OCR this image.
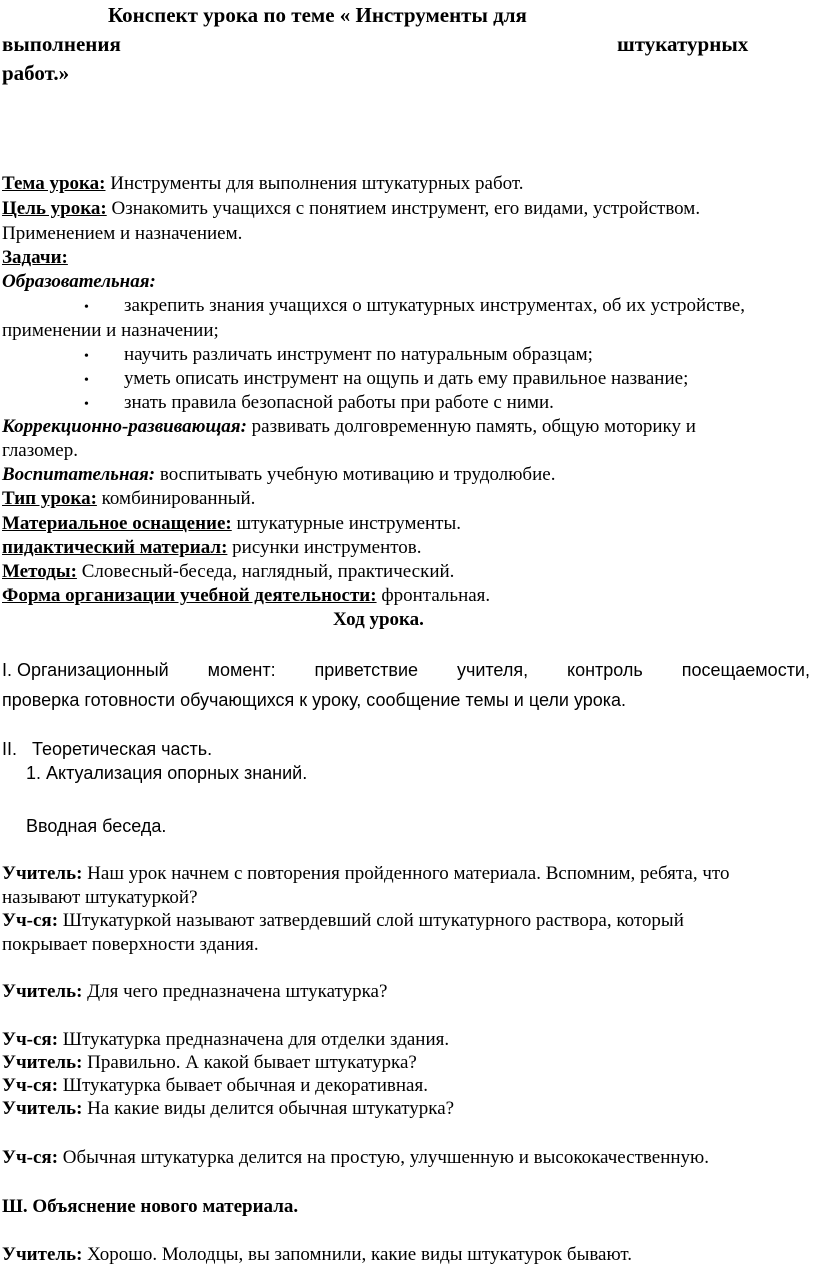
Конспект урока по теме « Инструменты для
выполнения	штукатурных
работ.»
Тема урока: Инструменты для выполнения штукатурных работ.
Цель урока: Ознакомить учащихся с понятием инструмент, его видами, устройством.
Применением и назначением.
Задачи:
Образовательная:
• закрепить знания учащихся о штукатурных инструментах, об их устройстве,
применении и назначении;
• научить различать инструмент по натуральным образцам;
• уметь описать инструмент на ощупь и дать ему правильное название;
• знать правила безопасной работы при работе с ними.
Коррекционно-развивающая: развивать долговременную память, общую моторику и
глазомер.
Воспитательная: воспитывать учебную мотивацию и трудолюбие.
Тип урока: комбинированный.
Материальное оснащение: штукатурные инструменты.
пидактический материал: рисунки инструментов.
Методы: Словесный-беседа, наглядный, практический.
Форма организации учебной деятельности: фронтальная.
Ход урока.
I. Организационный момент: приветствие учителя, контроль посещаемости,
проверка готовности обучающихся к уроку, сообщение темы и цели урока.
II. Теоретическая часть.
1. Актуализация опорных знаний.
Вводная беседа.
Учитель: Наш урок начнем с повторения пройденного материала. Вспомним, ребята, что
называют штукатуркой?
Уч-ся: Штукатуркой называют затвердевший слой штукатурного раствора, который
покрывает поверхности здания.
Учитель: Для чего предназначена штукатурка?
Уч-ся: Штукатурка предназначена для отделки здания.
Учитель: Правильно. А какой бывает штукатурка?
Уч-ся: Штукатурка бывает обычная и декоративная.
Учитель: На какие виды делится обычная штукатурка?
Уч-ся: Обычная штукатурка делится на простую, улучшенную и высококачественную.
Ш. Объяснение нового материала.
Учитель: Хорошо. Молодцы, вы запомнили, какие виды штукатурок бывают.
